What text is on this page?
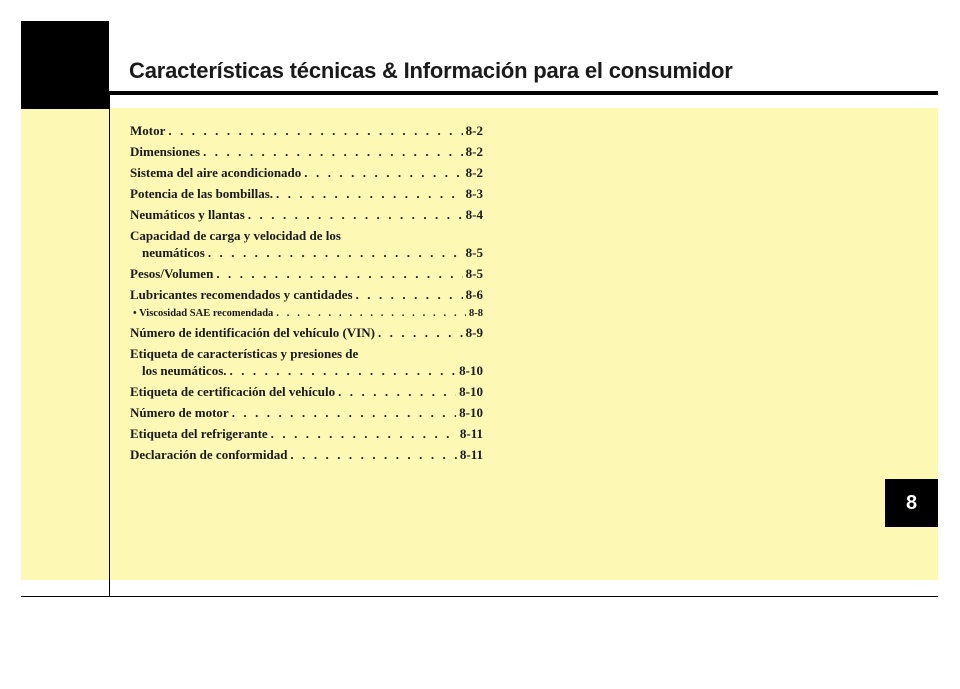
Características técnicas & Información para el consumidor
8
Motor . . .	8-2
Dimensiones . . .	8-2
Sistema del aire acondicionado . . .	8-2
Potencia de las bombillas. . . .	8-3
Neumáticos y llantas . . .	8-4
Capacidad de carga y velocidad de los
neumáticos . . .	8-5
Pesos/Volumen . . .	8-5
Lubricantes recomendados y cantidades . . .	8-6
• Viscosidad SAE recomendada . . .	8-8
Número de identificación del vehículo (VIN) . . .	8-9
Etiqueta de características y presiones de
los neumáticos. . . .	8-10
Etiqueta de certificación del vehículo . . .	8-10
Número de motor . . .	8-10
Etiqueta del refrigerante . . .	8-11
Declaración de conformidad . . .	8-11
